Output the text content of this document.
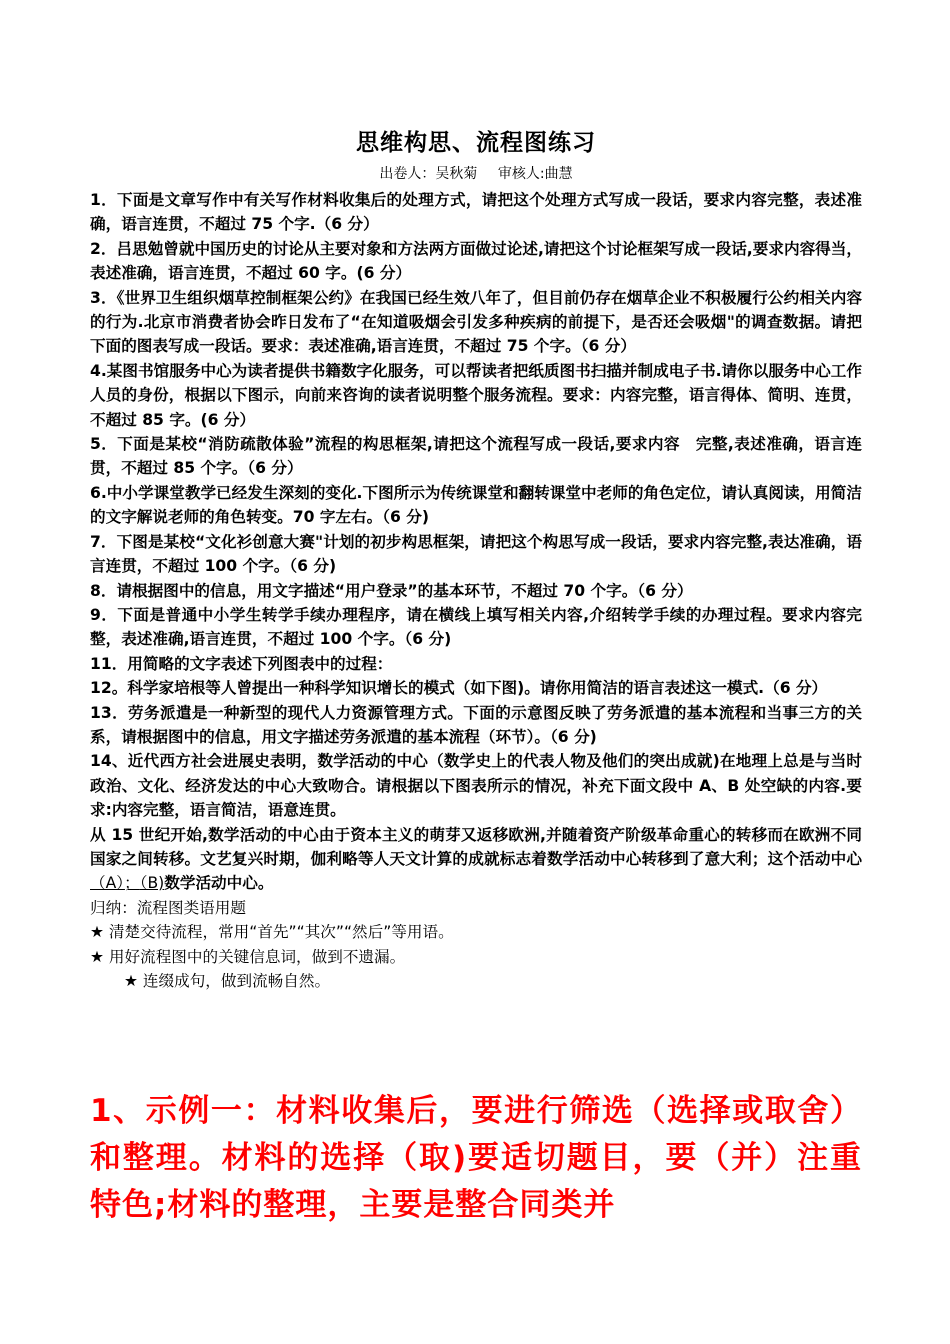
思维构思、流程图练习
出卷人：吴秋菊 审核人:曲慧

1．下面是文章写作中有关写作材料收集后的处理方式，请把这个处理方式写成一段话，要求内容完整，表述准确，语言连贯，不超过 75 个字.（6 分）

2．吕思勉曾就中国历史的讨论从主要对象和方法两方面做过论述,请把这个讨论框架写成一段话,要求内容得当，表述准确，语言连贯，不超过 60 字。(6 分）

3．《世界卫生组织烟草控制框架公约》在我国已经生效八年了，但目前仍存在烟草企业不积极履行公约相关内容的行为.北京市消费者协会昨日发布了“在知道吸烟会引发多种疾病的前提下，是否还会吸烟"的调查数据。请把下面的图表写成一段话。要求：表述准确,语言连贯，不超过 75 个字。（6 分）

4.某图书馆服务中心为读者提供书籍数字化服务，可以帮读者把纸质图书扫描并制成电子书.请你以服务中心工作人员的身份，根据以下图示，向前来咨询的读者说明整个服务流程。要求：内容完整，语言得体、简明、连贯，不超过 85 字。(6 分）

5．下面是某校“消防疏散体验”流程的构思框架,请把这个流程写成一段话,要求内容　完整,表述准确，语言连贯，不超过 85 个字。（6 分）

6.中小学课堂教学已经发生深刻的变化.下图所示为传统课堂和翻转课堂中老师的角色定位，请认真阅读，用简洁的文字解说老师的角色转变。70 字左右。（6 分)

7．下图是某校“文化衫创意大赛"计划的初步构思框架，请把这个构思写成一段话，要求内容完整,表达准确，语言连贯，不超过 100 个字。（6 分)

8．请根据图中的信息，用文字描述“用户登录”的基本环节，不超过 70 个字。（6 分）

9．下面是普通中小学生转学手续办理程序，请在横线上填写相关内容,介绍转学手续的办理过程。要求内容完整，表述准确,语言连贯，不超过 100 个字。（6 分)

11．用简略的文字表述下列图表中的过程：

12。科学家培根等人曾提出一种科学知识增长的模式（如下图)。请你用简洁的语言表述这一模式.（6 分）

13．劳务派遣是一种新型的现代人力资源管理方式。下面的示意图反映了劳务派遣的基本流程和当事三方的关系，请根据图中的信息，用文字描述劳务派遣的基本流程（环节）。（6 分)

14、近代西方社会进展史表明，数学活动的中心（数学史上的代表人物及他们的突出成就)在地理上总是与当时政治、文化、经济发达的中心大致吻合。请根据以下图表所示的情况，补充下面文段中 A、B 处空缺的内容.要求:内容完整，语言简洁，语意连贯。

从 15 世纪开始,数学活动的中心由于资本主义的萌芽又返移欧洲,并随着资产阶级革命重心的转移而在欧洲不同国家之间转移。文艺复兴时期，伽利略等人天文计算的成就标志着数学活动中心转移到了意大利；这个活动中心（A）；（B)数学活动中心。

归纳：流程图类语用题

★ 清楚交待流程，常用“首先”“其次”“然后”等用语。

★ 用好流程图中的关键信息词，做到不遗漏。

★ 连缀成句，做到流畅自然。

1、示例一：材料收集后，要进行筛选（选择或取舍）和整理。材料的选择（取)要适切题目，要（并）注重特色;材料的整理，主要是整合同类并
